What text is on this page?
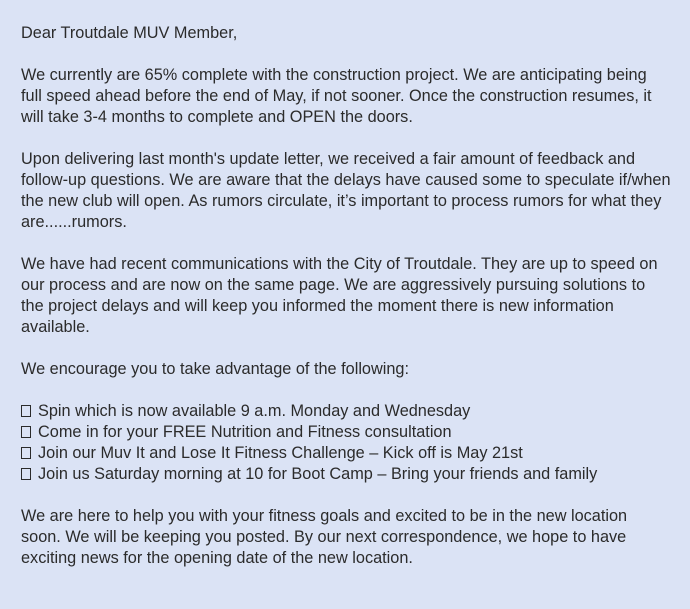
Dear Troutdale MUV Member,

We currently are 65% complete with the construction project. We are anticipating being full speed ahead before the end of May, if not sooner. Once the construction resumes, it will take 3-4 months to complete and OPEN the doors.

Upon delivering last month's update letter, we received a fair amount of feedback and follow-up questions. We are aware that the delays have caused some to speculate if/when the new club will open. As rumors circulate, it’s important to process rumors for what they are......rumors.

We have had recent communications with the City of Troutdale. They are up to speed on our process and are now on the same page. We are aggressively pursuing solutions to the project delays and will keep you informed the moment there is new information available.

We encourage you to take advantage of the following:

Spin which is now available 9 a.m. Monday and Wednesday
Come in for your FREE Nutrition and Fitness consultation
Join our Muv It and Lose It Fitness Challenge – Kick off is May 21st
Join us Saturday morning at 10 for Boot Camp – Bring your friends and family

We are here to help you with your fitness goals and excited to be in the new location soon. We will be keeping you posted. By our next correspondence, we hope to have exciting news for the opening date of the new location.
